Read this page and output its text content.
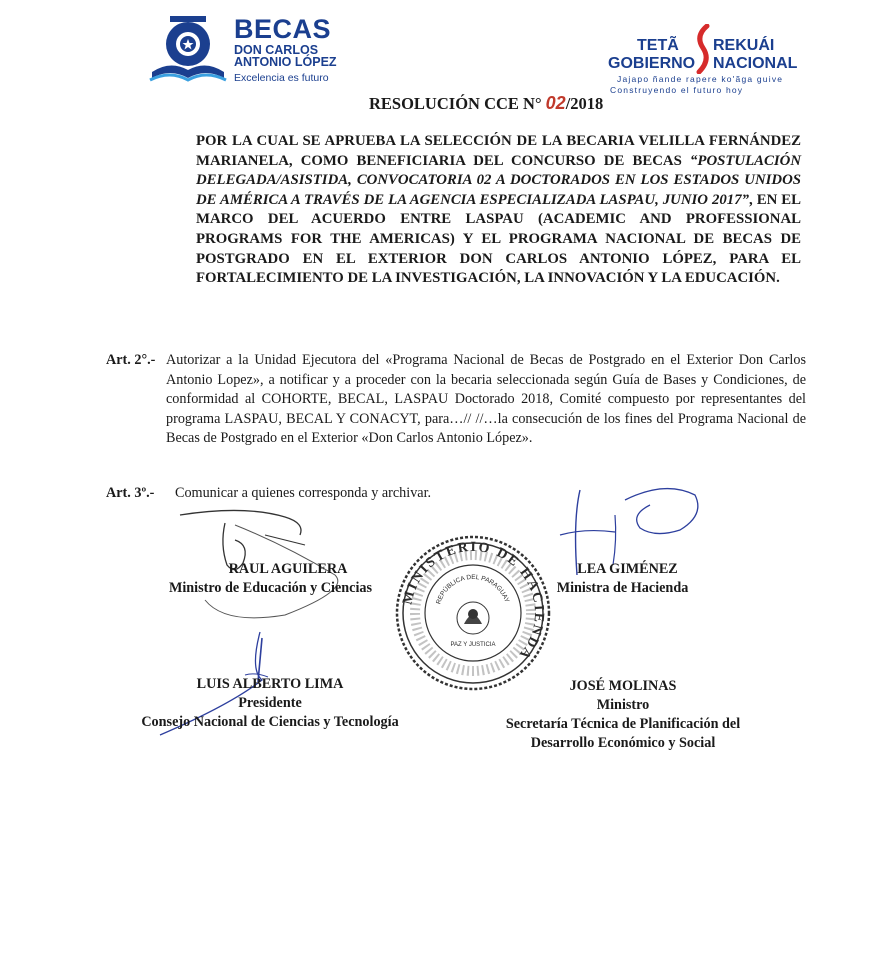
BECAS
DON CARLOS
ANTONIO LÓPEZ
Excelencia es futuro
TETÃ REKUÁI
GOBIERNO NACIONAL
Jajapo ñande rapere ko'ãga guive
Construyendo el futuro hoy
RESOLUCIÓN CCE N° 02/2018
POR LA CUAL SE APRUEBA LA SELECCIÓN DE LA BECARIA VELILLA FERNÁNDEZ MARIANELA, COMO BENEFICIARIA DEL CONCURSO DE BECAS “POSTULACIÓN DELEGADA/ASISTIDA, CONVOCATORIA 02 A DOCTORADOS EN LOS ESTADOS UNIDOS DE AMÉRICA A TRAVÉS DE LA AGENCIA ESPECIALIZADA LASPAU, JUNIO 2017”, EN EL MARCO DEL ACUERDO ENTRE LASPAU (ACADEMIC AND PROFESSIONAL PROGRAMS FOR THE AMERICAS) Y EL PROGRAMA NACIONAL DE BECAS DE POSTGRADO EN EL EXTERIOR DON CARLOS ANTONIO LÓPEZ, PARA EL FORTALECIMIENTO DE LA INVESTIGACIÓN, LA INNOVACIÓN Y LA EDUCACIÓN.
Art. 2°.- Autorizar a la Unidad Ejecutora del «Programa Nacional de Becas de Postgrado en el Exterior Don Carlos Antonio Lopez», a notificar y a proceder con la becaria seleccionada según Guía de Bases y Condiciones, de conformidad al COHORTE, BECAL, LASPAU Doctorado 2018, Comité compuesto por representantes del programa LASPAU, BECAL Y CONACYT, para…// //…la consecución de los fines del Programa Nacional de Becas de Postgrado en el Exterior «Don Carlos Antonio López».
Art. 3º.- Comunicar a quienes corresponda y archivar.
MINISTERIO DE HACIENDA
REPÚBLICA DEL PARAGUAY
PAZ Y JUSTICIA
RAUL AGUILERA
Ministro de Educación y Ciencias
LEA GIMÉNEZ
Ministra de Hacienda
LUIS ALBERTO LIMA
Presidente
Consejo Nacional de Ciencias y Tecnología
JOSÉ MOLINAS
Ministro
Secretaría Técnica de Planificación del
Desarrollo Económico y Social
